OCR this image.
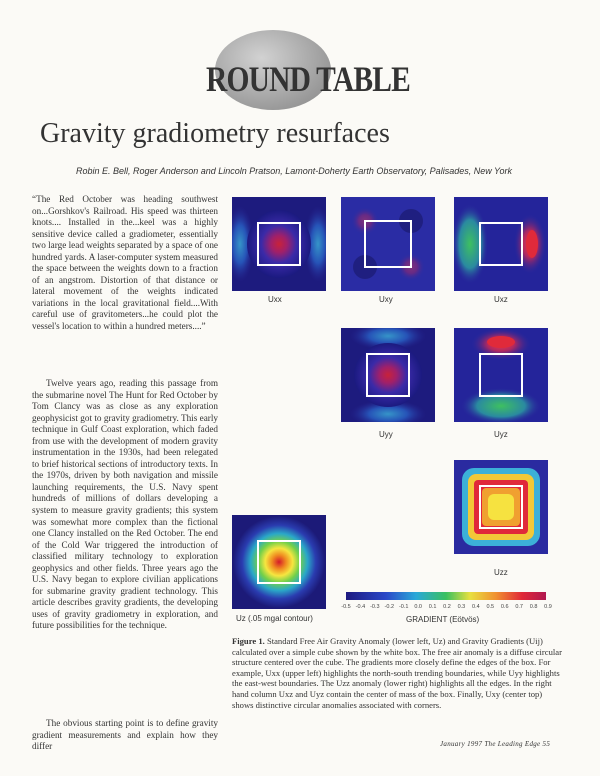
ROUND TABLE
Gravity gradiometry resurfaces
Robin E. Bell, Roger Anderson and Lincoln Pratson, Lamont-Doherty Earth Observatory, Palisades, New York
“The Red October was heading southwest on...Gorshkov's Railroad. His speed was thirteen knots.... Installed in the...keel was a highly sensitive device called a gradiometer, essentially two large lead weights separated by a space of one hundred yards. A laser-computer system measured the space between the weights down to a fraction of an angstrom. Distortion of that distance or lateral movement of the weights indicated variations in the local gravitational field....With careful use of gravitometers...he could plot the vessel's location to within a hundred meters....”
Twelve years ago, reading this passage from the submarine novel The Hunt for Red October by Tom Clancy was as close as any exploration geophysicist got to gravity gradiometry. This early technique in Gulf Coast exploration, which faded from use with the development of modern gravity instrumentation in the 1930s, had been relegated to brief historical sections of introductory texts. In the 1970s, driven by both navigation and missile launching requirements, the U.S. Navy spent hundreds of millions of dollars developing a system to measure gravity gradients; this system was somewhat more complex than the fictional one Clancy installed on the Red October. The end of the Cold War triggered the introduction of classified military technology to exploration geophysics and other fields. Three years ago the U.S. Navy began to explore civilian applications for submarine gravity gradient technology. This article describes gravity gradients, the developing uses of gravity gradiometry in exploration, and future possibilities for the technique.
The obvious starting point is to define gravity gradient measurements and explain how they differ
Uxx	Uxy	Uxz
Uyy	Uyz
Uzz
Uz (.05 mgal contour)
-0.5 -0.4 -0.3 -0.2 -0.1 0.0 0.1 0.2 0.3 0.4 0.5 0.6 0.7 0.8 0.9
GRADIENT (Eötvös)
Figure 1. Standard Free Air Gravity Anomaly (lower left, Uz) and Gravity Gradients (Uij) calculated over a simple cube shown by the white box. The free air anomaly is a diffuse circular structure centered over the cube. The gradients more closely define the edges of the box. For example, Uxx (upper left) highlights the north-south trending boundaries, while Uyy highlights the east-west boundaries. The Uzz anomaly (lower right) highlights all the edges. In the right hand column Uxz and Uyz contain the center of mass of the box. Finally, Uxy (center top) shows distinctive circular anomalies associated with corners.
January 1997 The Leading Edge 55
